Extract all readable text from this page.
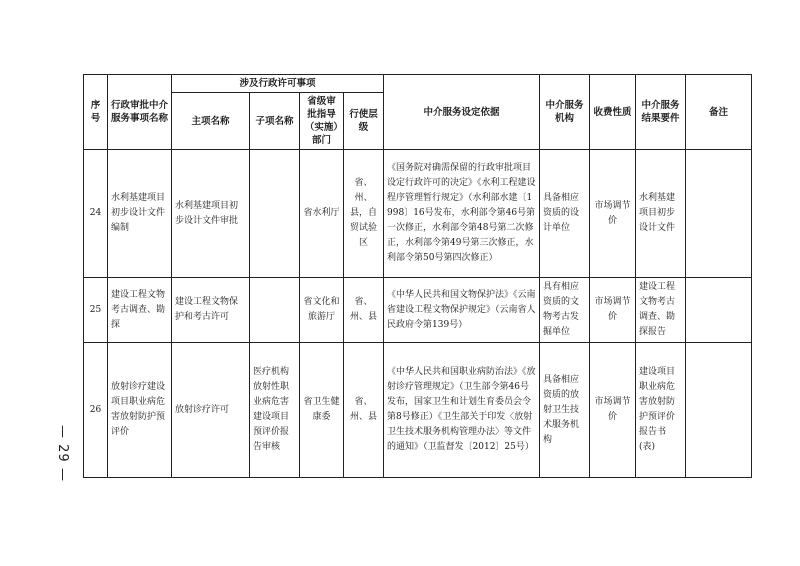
— 29 —
序号	行政审批中介服务事项名称	涉及行政许可事项				中介服务设定依据	中介服务机构	收费性质	中介服务结果要件	备注
		主项名称	子项名称	省级审批指导（实施）部门	行使层级					
24	水利基建项目初步设计文件编制	水利基建项目初步设计文件审批		省水利厅	省、州、县，自贸试验区	《国务院对确需保留的行政审批项目设定行政许可的决定》《水利工程建设程序管理暂行规定》（水利部水建〔1998〕16号发布，水利部令第46号第一次修正，水利部令第48号第二次修正，水利部令第49号第三次修正，水利部令第50号第四次修正）	具备相应资质的设计单位	市场调节价	水利基建项目初步设计文件	
25	建设工程文物考古调查、勘探	建设工程文物保护和考古许可		省文化和旅游厅	省、州、县	《中华人民共和国文物保护法》《云南省建设工程文物保护规定》（云南省人民政府令第139号）	具有相应资质的文物考古发掘单位	市场调节价	建设工程文物考古调查、勘探报告	
26	放射诊疗建设项目职业病危害放射防护预评价	放射诊疗许可	医疗机构放射性职业病危害建设项目预评价报告审核	省卫生健康委	省、州、县	《中华人民共和国职业病防治法》《放射诊疗管理规定》（卫生部令第46号发布，国家卫生和计划生育委员会令第8号修正）《卫生部关于印发〈放射卫生技术服务机构管理办法〉等文件的通知》（卫监督发〔2012〕25号）	具备相应资质的放射卫生技术服务机构	市场调节价	建设项目职业病危害放射防护预评价报告书(表)	
